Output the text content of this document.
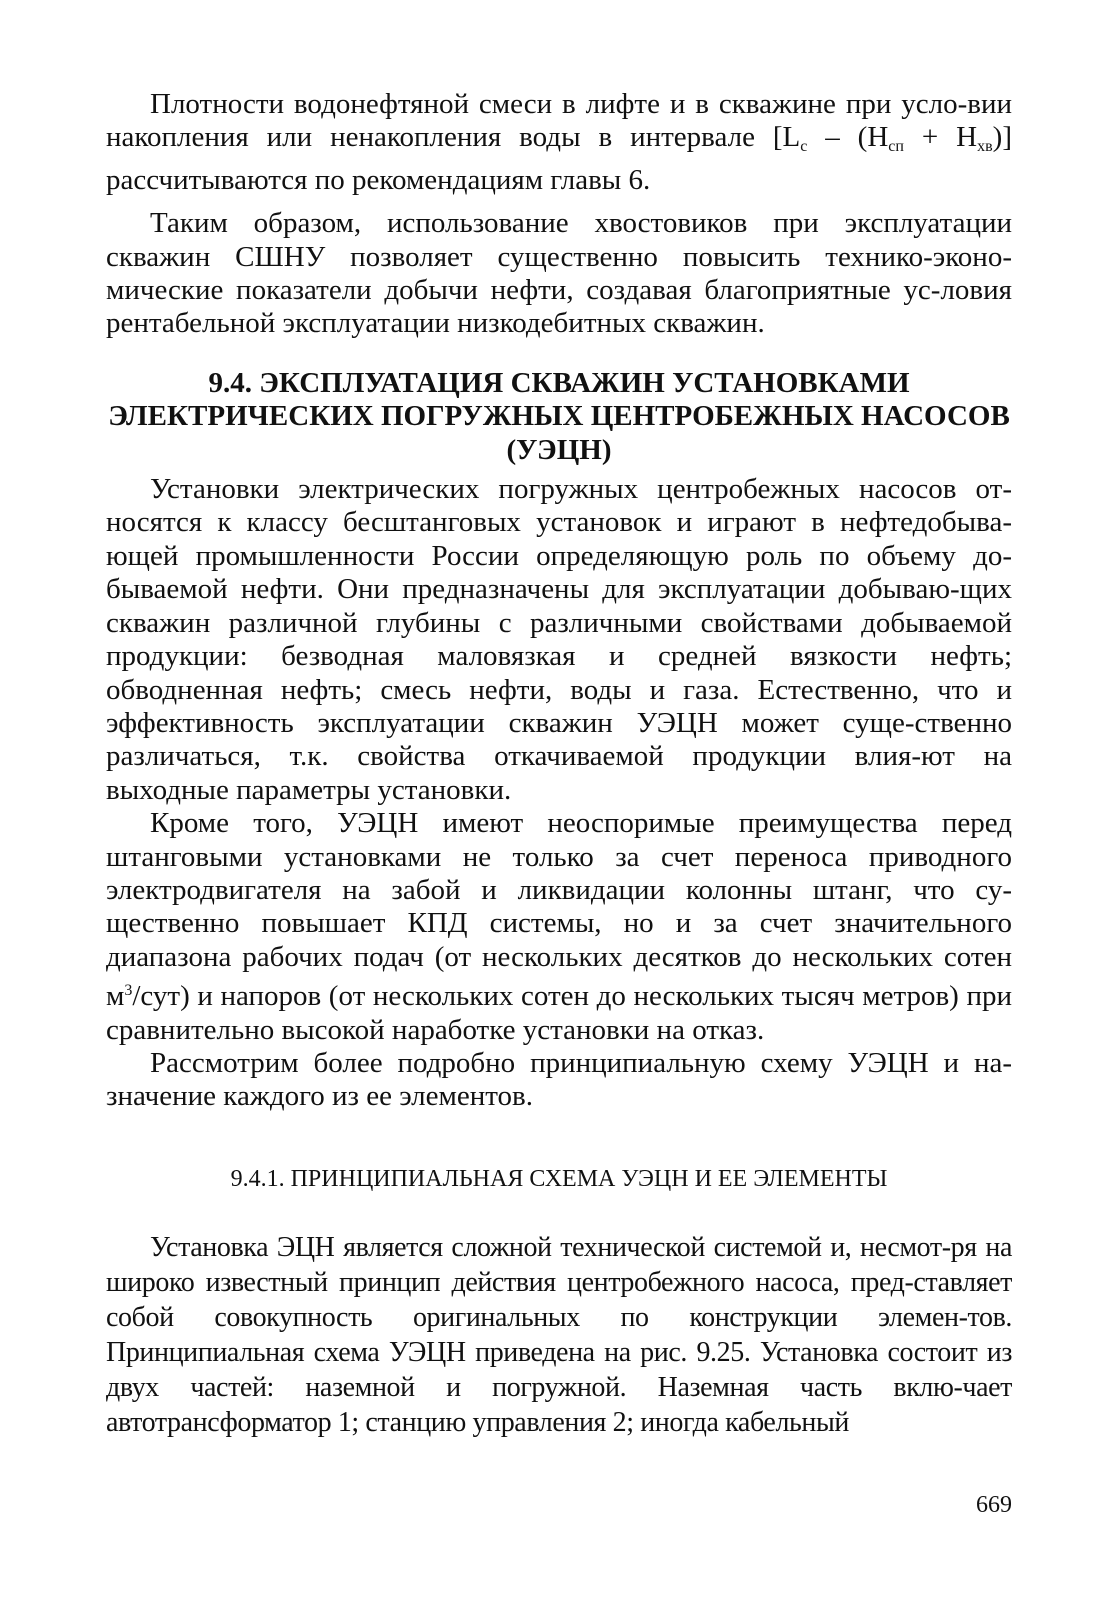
Плотности водонефтяной смеси в лифте и в скважине при усло-вии накопления или ненакопления воды в интервале $[L_с - (H_{сп} + H_{хв})]$ рассчитываются по рекомендациям главы 6.

Таким образом, использование хвостовиков при эксплуатации скважин СШНУ позволяет существенно повысить технико-эконо-мические показатели добычи нефти, создавая благоприятные ус-ловия рентабельной эксплуатации низкодебитных скважин.

9.4. ЭКСПЛУАТАЦИЯ СКВАЖИН УСТАНОВКАМИ
ЭЛЕКТРИЧЕСКИХ ПОГРУЖНЫХ ЦЕНТРОБЕЖНЫХ НАСОСОВ
(УЭЦН)

Установки электрических погружных центробежных насосов от-носятся к классу бесштанговых установок и играют в нефтедобыва-ющей промышленности России определяющую роль по объему до-бываемой нефти. Они предназначены для эксплуатации добываю-щих скважин различной глубины с различными свойствами добываемой продукции: безводная маловязкая и средней вязкости нефть; обводненная нефть; смесь нефти, воды и газа. Естественно, что и эффективность эксплуатации скважин УЭЦН может суще-ственно различаться, т.к. свойства откачиваемой продукции влия-ют на выходные параметры установки.

Кроме того, УЭЦН имеют неоспоримые преимущества перед штанговыми установками не только за счет переноса приводного электродвигателя на забой и ликвидации колонны штанг, что су-щественно повышает КПД системы, но и за счет значительного диапазона рабочих подач (от нескольких десятков до нескольких сотен $м^3/сут$) и напоров (от нескольких сотен до нескольких тысяч метров) при сравнительно высокой наработке установки на отказ.

Рассмотрим более подробно принципиальную схему УЭЦН и на-значение каждого из ее элементов.

9.4.1. ПРИНЦИПИАЛЬНАЯ СХЕМА УЭЦН И ЕЕ ЭЛЕМЕНТЫ

Установка ЭЦН является сложной технической системой и, несмот-ря на широко известный принцип действия центробежного насоса, пред-ставляет собой совокупность оригинальных по конструкции элемен-тов. Принципиальная схема УЭЦН приведена на рис. 9.25. Установка состоит из двух частей: наземной и погружной. Наземная часть вклю-чает автотрансформатор 1; станцию управления 2; иногда кабельный

669
